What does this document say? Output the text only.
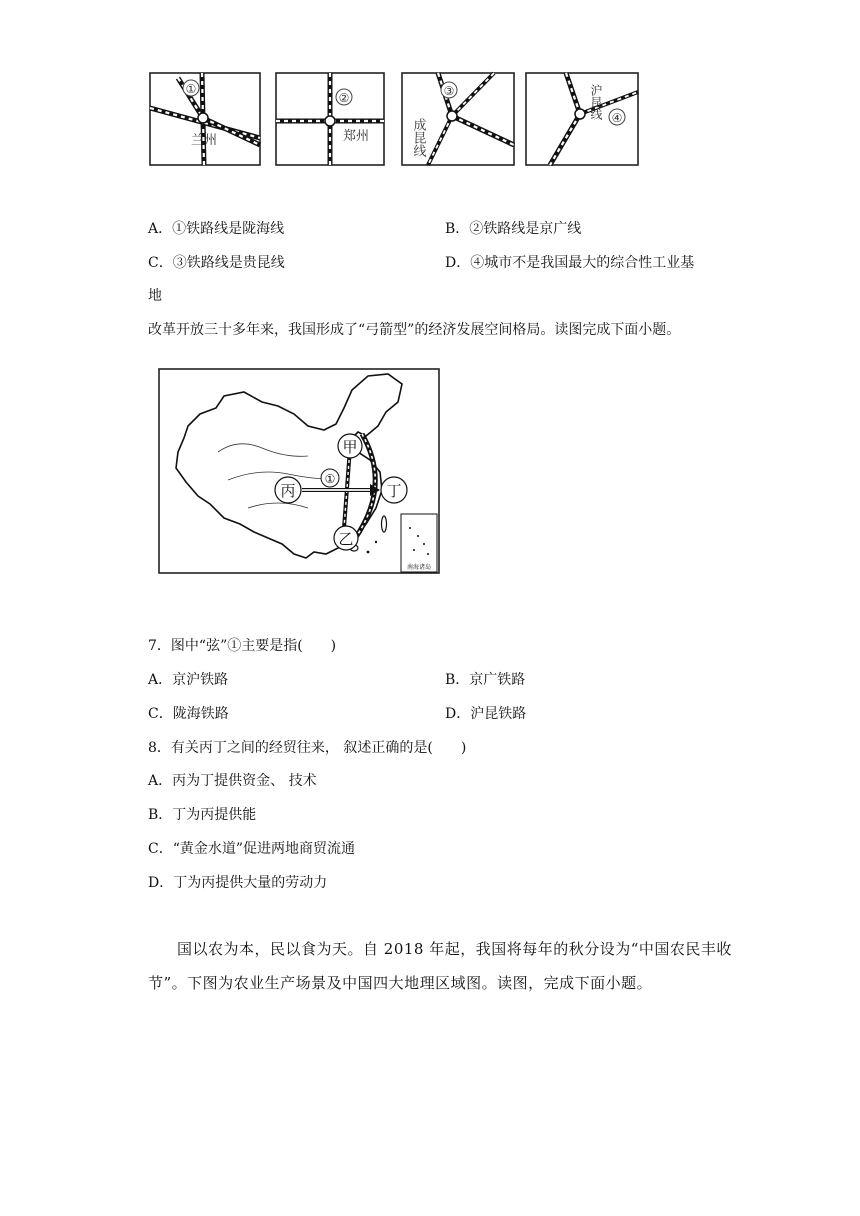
①
兰州
②
郑州
③
成昆线	④
沪昆线
A．①铁路线是陇海线	B．②铁路线是京广线
C．③铁路线是贵昆线	D．④城市不是我国最大的综合性工业基
地
改革开放三十多年来，我国形成了“弓箭型”的经济发展空间格局。读图完成下面小题。
南海诸岛
甲
丙	丁
乙
①
7．图中“弦”①主要是指(　　)
A．京沪铁路	B．京广铁路
C．陇海铁路	D．沪昆铁路
8．有关丙丁之间的经贸往来， 叙述正确的是(　　)
A．丙为丁提供资金、 技术
B．丁为丙提供能
C．“黄金水道”促进两地商贸流通
D．丁为丙提供大量的劳动力
国以农为本，民以食为天。自 2018 年起，我国将每年的秋分设为“中国农民丰收
节”。下图为农业生产场景及中国四大地理区域图。读图，完成下面小题。
